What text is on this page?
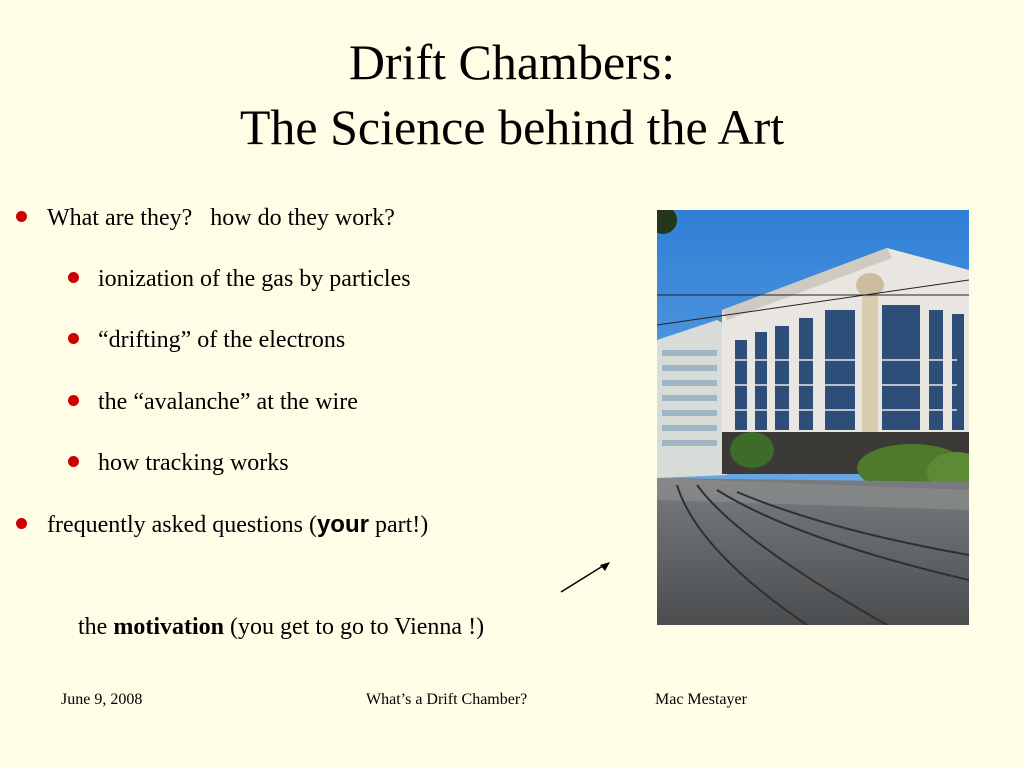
Drift Chambers:
The Science behind the Art
What are they?   how do they work?
ionization of the gas by particles
“drifting” of the electrons
the “avalanche” at the wire
how tracking works
frequently asked questions (your part!)
the motivation (you get to go to Vienna !)
June 9, 2008	What’s a Drift Chamber?	Mac Mestayer
